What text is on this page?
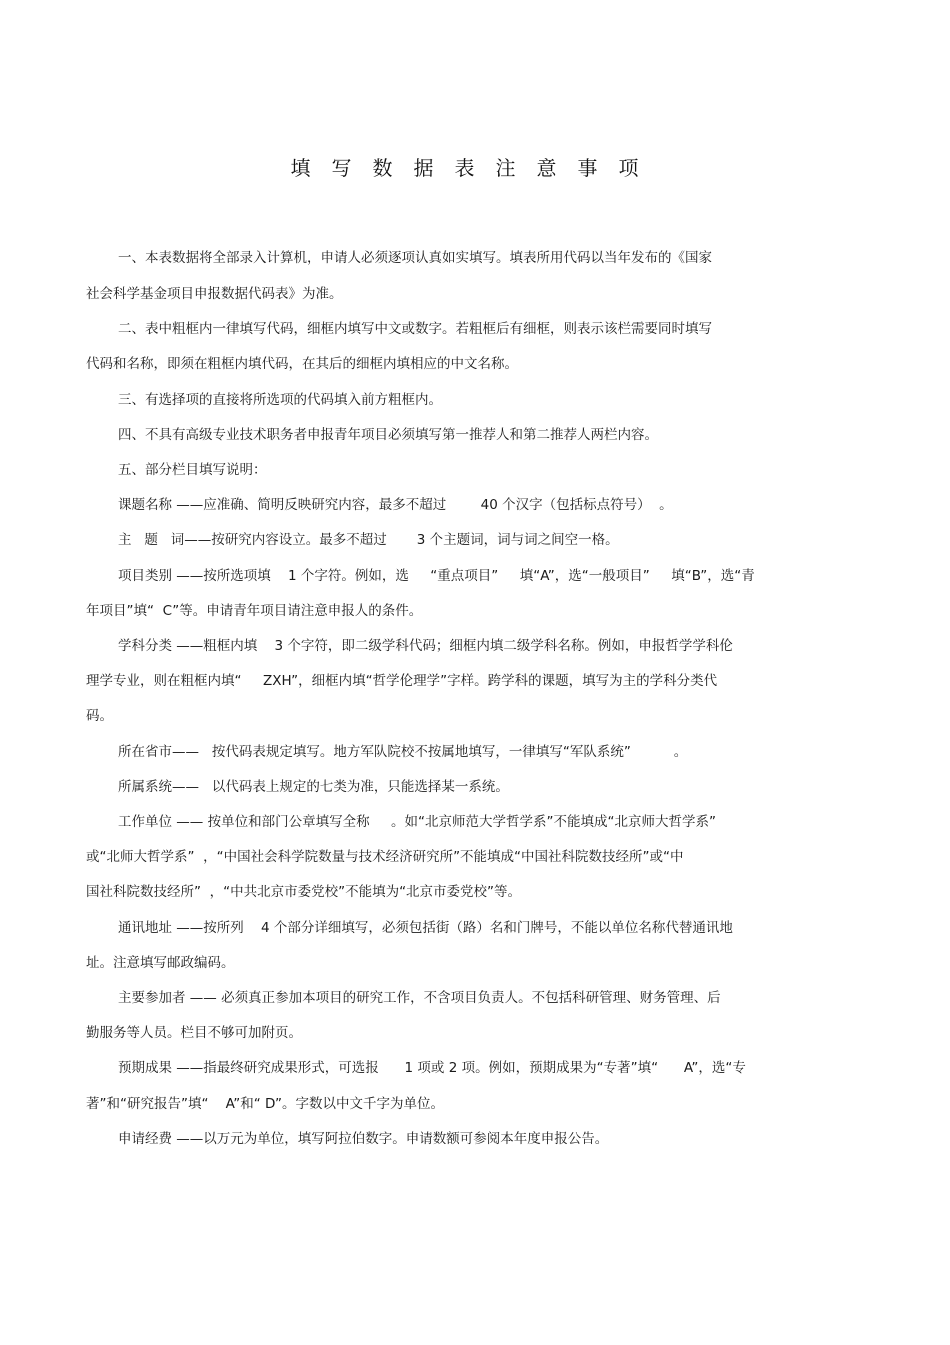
填写数据表注意事项
一、本表数据将全部录入计算机，申请人必须逐项认真如实填写。填表所用代码以当年发布的《国家
社会科学基金项目申报数据代码表》为准。
二、表中粗框内一律填写代码，细框内填写中文或数字。若粗框后有细框，则表示该栏需要同时填写
代码和名称，即须在粗框内填代码，在其后的细框内填相应的中文名称。
三、有选择项的直接将所选项的代码填入前方粗框内。
四、不具有高级专业技术职务者申报青年项目必须填写第一推荐人和第二推荐人两栏内容。
五、部分栏目填写说明：
课题名称 ——应准确、简明反映研究内容，最多不超过        40 个汉字（包括标点符号）  。
主   题   词——按研究内容设立。最多不超过       3 个主题词，词与词之间空一格。
项目类别 ——按所选项填    1 个字符。例如，选     “重点项目”     填“A”，选“一般项目”     填“B”，选“青
年项目”填“  C”等。申请青年项目请注意申报人的条件。
学科分类 ——粗框内填    3 个字符，即二级学科代码；细框内填二级学科名称。例如，申报哲学学科伦
理学专业，则在粗框内填“     ZXH”，细框内填“哲学伦理学”字样。跨学科的课题，填写为主的学科分类代
码。
所在省市——   按代码表规定填写。地方军队院校不按属地填写，一律填写“军队系统”          。
所属系统——   以代码表上规定的七类为准，只能选择某一系统。
工作单位 —— 按单位和部门公章填写全称     。如“北京师范大学哲学系”不能填成“北京师大哲学系”
或“北师大哲学系”  ，“中国社会科学院数量与技术经济研究所”不能填成“中国社科院数技经所”或“中
国社科院数技经所”  ，“中共北京市委党校”不能填为“北京市委党校”等。
通讯地址 ——按所列    4 个部分详细填写，必须包括街（路）名和门牌号，不能以单位名称代替通讯地
址。注意填写邮政编码。
主要参加者 —— 必须真正参加本项目的研究工作，不含项目负责人。不包括科研管理、财务管理、后
勤服务等人员。栏目不够可加附页。
预期成果 ——指最终研究成果形式，可选报      1 项或 2 项。例如，预期成果为“专著”填“      A”，选“专
著”和“研究报告”填“    A”和“ D”。字数以中文千字为单位。
申请经费 ——以万元为单位，填写阿拉伯数字。申请数额可参阅本年度申报公告。
